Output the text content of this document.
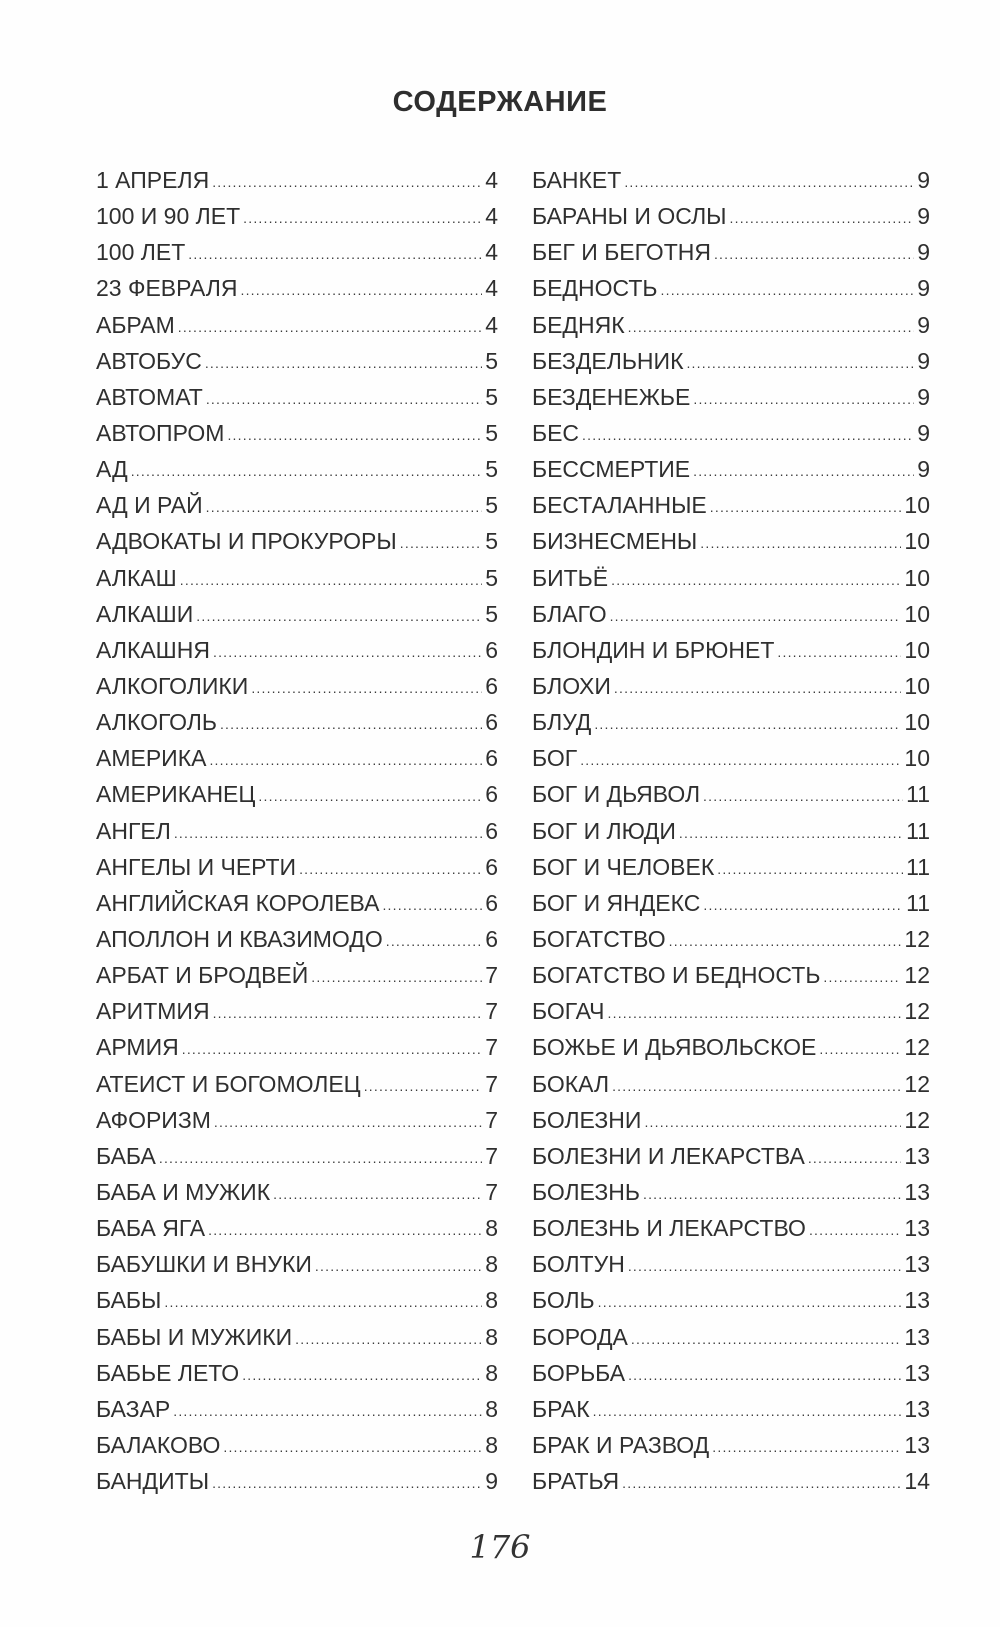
СОДЕРЖАНИЕ
1 АПРЕЛЯ .....	4
100 И 90 ЛЕТ .....	4
100 ЛЕТ .....	4
23 ФЕВРАЛЯ .....	4
АБРАМ .....	4
АВТОБУС .....	5
АВТОМАТ .....	5
АВТОПРОМ .....	5
АД .....	5
АД И РАЙ .....	5
АДВОКАТЫ И ПРОКУРОРЫ .....	5
АЛКАШ .....	5
АЛКАШИ .....	5
АЛКАШНЯ .....	6
АЛКОГОЛИКИ .....	6
АЛКОГОЛЬ .....	6
АМЕРИКА .....	6
АМЕРИКАНЕЦ .....	6
АНГЕЛ .....	6
АНГЕЛЫ И ЧЕРТИ .....	6
АНГЛИЙСКАЯ КОРОЛЕВА .....	6
АПОЛЛОН И КВАЗИМОДО .....	6
АРБАТ И БРОДВЕЙ .....	7
АРИТМИЯ .....	7
АРМИЯ .....	7
АТЕИСТ И БОГОМОЛЕЦ .....	7
АФОРИЗМ .....	7
БАБА .....	7
БАБА И МУЖИК .....	7
БАБА ЯГА .....	8
БАБУШКИ И ВНУКИ .....	8
БАБЫ .....	8
БАБЫ И МУЖИКИ .....	8
БАБЬЕ ЛЕТО .....	8
БАЗАР .....	8
БАЛАКОВО .....	8
БАНДИТЫ .....	9
БАНКЕТ .....	9
БАРАНЫ И ОСЛЫ .....	9
БЕГ И БЕГОТНЯ .....	9
БЕДНОСТЬ .....	9
БЕДНЯК .....	9
БЕЗДЕЛЬНИК .....	9
БЕЗДЕНЕЖЬЕ .....	9
БЕС .....	9
БЕССМЕРТИЕ .....	9
БЕСТАЛАННЫЕ .....	10
БИЗНЕСМЕНЫ .....	10
БИТЬЁ .....	10
БЛАГО .....	10
БЛОНДИН И БРЮНЕТ .....	10
БЛОХИ .....	10
БЛУД .....	10
БОГ .....	10
БОГ И ДЬЯВОЛ .....	11
БОГ И ЛЮДИ .....	11
БОГ И ЧЕЛОВЕК .....	11
БОГ И ЯНДЕКС .....	11
БОГАТСТВО .....	12
БОГАТСТВО И БЕДНОСТЬ .....	12
БОГАЧ .....	12
БОЖЬЕ И ДЬЯВОЛЬСКОЕ .....	12
БОКАЛ .....	12
БОЛЕЗНИ .....	12
БОЛЕЗНИ И ЛЕКАРСТВА .....	13
БОЛЕЗНЬ .....	13
БОЛЕЗНЬ И ЛЕКАРСТВО .....	13
БОЛТУН .....	13
БОЛЬ .....	13
БОРОДА .....	13
БОРЬБА .....	13
БРАК .....	13
БРАК И РАЗВОД .....	13
БРАТЬЯ .....	14
176
